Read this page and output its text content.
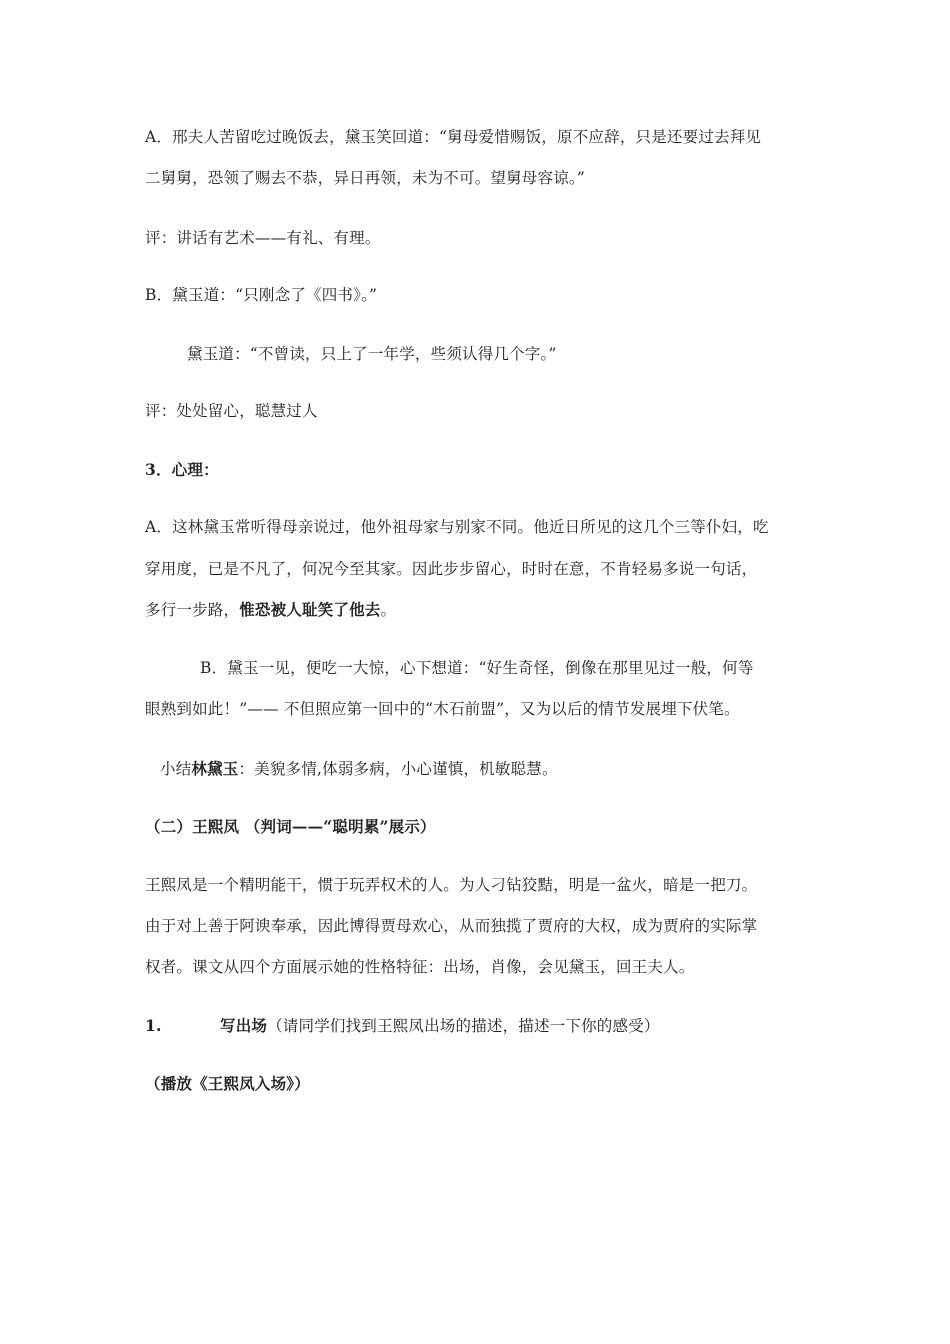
A．邢夫人苦留吃过晚饭去，黛玉笑回道：“舅母爱惜赐饭，原不应辞，只是还要过去拜见
二舅舅，恐领了赐去不恭，异日再领，未为不可。望舅母容谅。”
评：讲话有艺术——有礼、有理。
B．黛玉道：“只刚念了《四书》。”
黛玉道：“不曾读，只上了一年学，些须认得几个字。”
评：处处留心，聪慧过人
3．心理：
A．这林黛玉常听得母亲说过，他外祖母家与别家不同。他近日所见的这几个三等仆妇，吃
穿用度，已是不凡了，何况今至其家。因此步步留心，时时在意，不肯轻易多说一句话，
多行一步路，惟恐被人耻笑了他去。
B．黛玉一见，便吃一大惊，心下想道：“好生奇怪，倒像在那里见过一般，何等
眼熟到如此！”—— 不但照应第一回中的“木石前盟”，又为以后的情节发展埋下伏笔。
小结林黛玉：美貌多情,体弱多病，小心谨慎，机敏聪慧。
（二）王熙凤 （判词——“聪明累”展示）
王熙凤是一个精明能干，惯于玩弄权术的人。为人刁钻狡黠，明是一盆火，暗是一把刀。
由于对上善于阿谀奉承，因此博得贾母欢心，从而独揽了贾府的大权，成为贾府的实际掌
权者。课文从四个方面展示她的性格特征：出场，肖像，会见黛玉，回王夫人。
1.	写出场（请同学们找到王熙凤出场的描述，描述一下你的感受）
（播放《王熙凤入场》）
